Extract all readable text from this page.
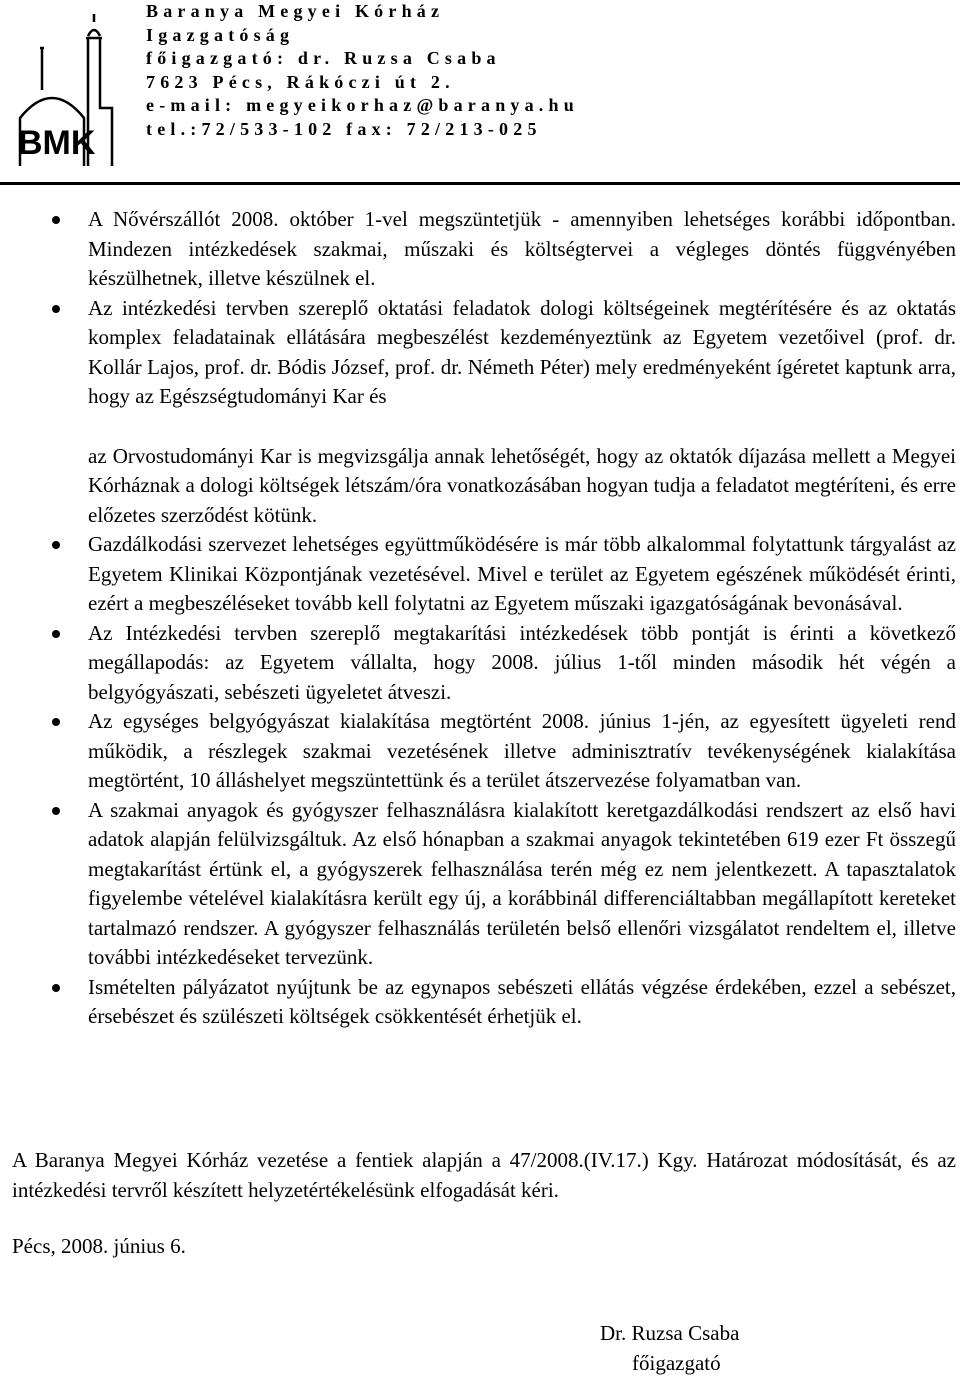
BMK
Baranya Megyei Kórház
Igazgatóság
főigazgató: dr. Ruzsa Csaba
7623 Pécs, Rákóczi út 2.
e-mail: megyeikorhaz@baranya.hu
tel.:72/533-102 fax: 72/213-025
A Nővérszállót 2008. október 1-vel megszüntetjük - amennyiben lehetséges korábbi időpontban. Mindezen intézkedések szakmai, műszaki és költségtervei a végleges döntés függvényében készülhetnek, illetve készülnek el.
Az intézkedési tervben szereplő oktatási feladatok dologi költségeinek megtérítésére és az oktatás komplex feladatainak ellátására megbeszélést kezdeményeztünk az Egyetem vezetőivel (prof. dr. Kollár Lajos, prof. dr. Bódis József, prof. dr. Németh Péter) mely eredményeként ígéretet kaptunk arra, hogy az Egészségtudományi Kar és
az Orvostudományi Kar is megvizsgálja annak lehetőségét, hogy az oktatók díjazása mellett a Megyei Kórháznak a dologi költségek létszám/óra vonatkozásában hogyan tudja a feladatot megtéríteni, és erre előzetes szerződést kötünk.
Gazdálkodási szervezet lehetséges együttműködésére is már több alkalommal folytattunk tárgyalást az Egyetem Klinikai Központjának vezetésével. Mivel e terület az Egyetem egészének működését érinti, ezért a megbeszéléseket tovább kell folytatni az Egyetem műszaki igazgatóságának bevonásával.
Az Intézkedési tervben szereplő megtakarítási intézkedések több pontját is érinti a következő megállapodás: az Egyetem vállalta, hogy 2008. július 1-től minden második hét végén a belgyógyászati, sebészeti ügyeletet átveszi.
Az egységes belgyógyászat kialakítása megtörtént 2008. június 1-jén, az egyesített ügyeleti rend működik, a részlegek szakmai vezetésének illetve adminisztratív tevékenységének kialakítása megtörtént, 10 álláshelyet megszüntettünk és a terület átszervezése folyamatban van.
A szakmai anyagok és gyógyszer felhasználásra kialakított keretgazdálkodási rendszert az első havi adatok alapján felülvizsgáltuk. Az első hónapban a szakmai anyagok tekintetében 619 ezer Ft összegű megtakarítást értünk el, a gyógyszerek felhasználása terén még ez nem jelentkezett. A tapasztalatok figyelembe vételével kialakításra került egy új, a korábbinál differenciáltabban megállapított kereteket tartalmazó rendszer. A gyógyszer felhasználás területén belső ellenőri vizsgálatot rendeltem el, illetve további intézkedéseket tervezünk.
Ismételten pályázatot nyújtunk be az egynapos sebészeti ellátás végzése érdekében, ezzel a sebészet, érsebészet és szülészeti költségek csökkentését érhetjük el.
A Baranya Megyei Kórház vezetése a fentiek alapján a 47/2008.(IV.17.) Kgy. Határozat módosítását, és az intézkedési tervről készített helyzetértékelésünk elfogadását kéri.
Pécs, 2008. június 6.
Dr. Ruzsa Csaba
főigazgató
